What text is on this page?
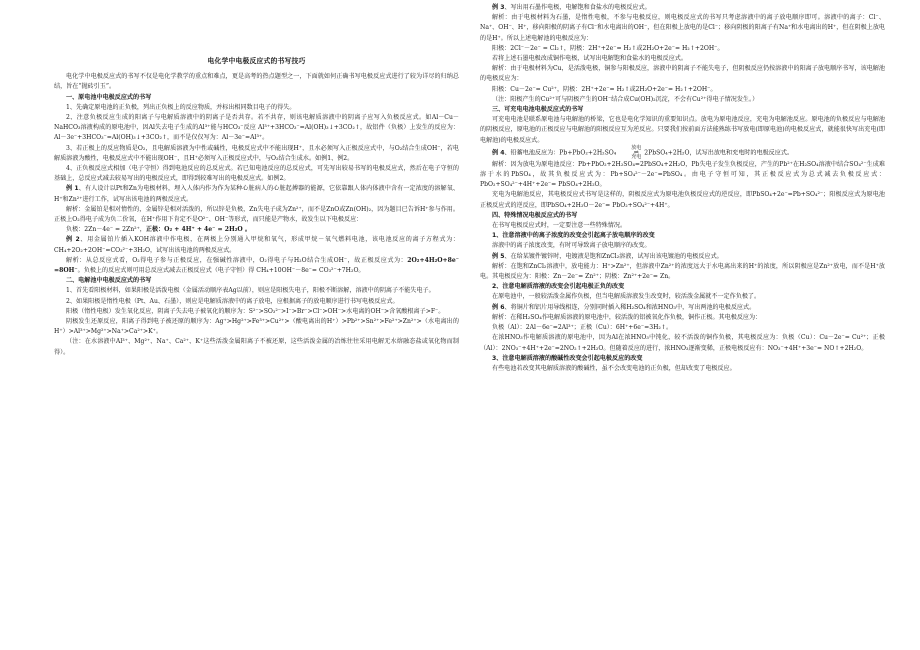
电化学中电极反应式的书写技巧
电化学中电极反应式的书写不仅是电化学教学的重点和难点，更是高考的热点题型之一，下面就如何正确书写电极反应式进行了较为详尽的归纳总结，旨在“抛砖引玉”。
一、原电池中电极反应式的书写
1、先确定原电池的正负极，列出正负极上的反应物质，并标出相同数目电子的得失。
2、注意负极反应生成的阳离子与电解质溶液中的阴离子是否共存。若不共存，则该电解质溶液中的阴离子应写入负极反应式。如Al－Cu－NaHCO₃溶液构成的原电池中，因Al失去电子生成的Al³⁺能与HCO₃⁻反应 Al³⁺+3HCO₃⁻=Al(OH)₃↓+3CO₂↑，故铝件（负极）上发生的反应为：Al－3e⁻+3HCO₃⁻=Al(OH)₃↓+3CO₂↑，而不是仅仅写为：Al－3e⁻=Al³⁺。
3、若正极上的反应物质是O₂，且电解质溶液为中性或碱性，电极反应式中不能出现H⁺，且水必须写入正极反应式中，与O₂结合生成OH⁻，若电解质溶液为酸性，电极反应式中不能出现OH⁻，且H⁺必须写入正极反应式中，与O₂结合生成水。如例1、例2。
4、正负极反应式相加（电子守恒）得到电池反应的总反应式。若已知电池反应的总反应式，可先写出较易书写的电极反应式，然后在电子守恒的基础上，总反应式减去较易写出的电极反应式，即得到较难写出的电极反应式。如例2。
例 1、有人设计以Pt和Zn为电极材料，埋入人体内作为作为某种心脏病人的心脏起搏器的能源，它依靠跟人体内体液中含有一定浓度的溶解氧、H⁺和Zn²⁺进行工作，试写出该电池的两极反应式。
解析：金属铂是相对惰性的，金属锌是相对活泼的，所以锌是负极，Zn失电子成为Zn²⁺，而不是ZnO或Zn(OH)₂，因为题目已告诉H⁺参与作用。正极上O₂得电子成为负二价氧，在H⁺作用下肯定不是O²⁻、OH⁻等形式，而只能是产物水，故发生以下电极反应：
负极：2Zn－4e⁻ = 2Zn²⁺，正极：O₂ + 4H⁺ + 4e⁻ = 2H₂O 。
例 2、用金属铂片插入KOH溶液中作电极，在两极上分别通入甲烷和氧气，形成甲烷－氧气燃料电池，该电池反应的离子方程式为：CH₄+2O₂+2OH⁻=CO₃²⁻+3H₂O，试写出该电池的两极反应式。
解析：从总反应式看，O₂得电子参与正极反应，在强碱性溶液中，O₂得电子与H₂O结合生成OH⁻，故正极反应式为：2O₂+4H₂O+8e⁻ =8OH⁻。负极上的反应式则可用总反应式减去正极反应式（电子守恒）得 CH₄+10OH⁻－8e⁻= CO₃²⁻+7H₂O。
二、电解池中电极反应式的书写
1、首先看阳极材料，如果阳极是活泼电极（金属活动顺序表Ag以前），则应是阳极失电子，阳极不断溶解，溶液中的阴离子不能失电子。
2、如果阳极是惰性电极（Pt、Au、石墨），则应是电解质溶液中的离子放电，应根据离子的放电顺序进行书写电极反应式。
阳极（惰性电极）发生氧化反应，阴离子失去电子被氧化的顺序为：S²⁻>SO₃²⁻>I⁻>Br⁻>Cl⁻>OH⁻>水电离的OH⁻>含氧酸根离子>F⁻。
阴极发生还原反应，阳离子得到电子被还原的顺序为：Ag⁺>Hg²⁺>Fe³⁺>Cu²⁺>（酸电离出的H⁺）>Pb²⁺>Sn²⁺>Fe²⁺>Zn²⁺>（水电离出的H⁺）>Al³⁺>Mg²⁺>Na⁺>Ca²⁺>K⁺。
（注：在水溶液中Al³⁺、Mg²⁺、Na⁺、Ca²⁺、K⁺这些活泼金属阳离子不被还原，这些活泼金属的冶炼往往采用电解无水熔融态盐或氧化物而制得）。
例 3、写出用石墨作电极，电解饱和食盐水的电极反应式。
解析：由于电极材料为石墨，是惰性电极，不参与电极反应，则电极反应式的书写只考虑溶液中的离子放电顺序即可。溶液中的离子：Cl⁻、Na⁺、OH⁻、H⁺，移向阳极的阴离子有Cl⁻和水电离出的OH⁻，但在阳极上放电的是Cl⁻；移向阴极的阳离子有Na⁺和水电离出的H⁺，但在阴极上放电的是H⁺。所以上述电解池的电极反应为：
阳极：2Cl⁻－2e⁻ = Cl₂↑，阴极：2H⁺+2e⁻= H₂↑或2H₂O+2e⁻= H₂↑+2OH⁻。
若将上述石墨电极改成铜作电极，试写出电解饱和食盐水的电极反应式。
解析：由于电极材料为Cu，是活泼电极，铜参与阳极反应，溶液中的阴离子不能失电子，但阴极反应仍按溶液中的阳离子放电顺序书写，该电解池的电极反应为：
阳极：Cu－2e⁻= Cu²⁺，阴极：2H⁺+2e⁻= H₂↑或2H₂O+2e⁻= H₂↑+2OH⁻。
（注：阳极产生的Cu²⁺可与阴极产生的OH⁻结合成Cu(OH)₂沉淀，不会有Cu²⁺得电子情况发生。）
三、可充电电池电极反应式的书写
可充电电池是联系原电池与电解池的桥梁，它也是电化学知识的重要知识点。放电为原电池反应，充电为电解池反应。原电池的负极反应与电解池的阴极反应，原电池的正极反应与电解池的阳极反应互为逆反应。只要我们按前面方法能熟练书写放电(即原电池)的电极反应式，就能很快写出充电(即电解池)的电极反应式。
例 4、铅蓄电池反应为：Pb+PbO₂+2H₂SO₄
放电
⇌
充电
2PbSO₄+2H₂O，试写出放电和充电时的电极反应式。
解析：因为放电为原电池反应：Pb+PbO₂+2H₂SO₄=2PbSO₄+2H₂O，Pb失电子发生负极反应，产生的Pb²⁺在H₂SO₄溶液中结合SO₄²⁻生成难溶于水的PbSO₄，故其负极反应式为：Pb+SO₄²⁻－2e⁻=PbSO₄。由电子守恒可知，其正极反应式为总式减去负极反应式：PbO₂+SO₄²⁻+4H⁺+2e⁻= PbSO₄+2H₂O。
充电为电解池反应，其电极反应式书写是这样的，阴极反应式为原电池负极反应式的逆反应，即PbSO₄+2e⁻=Pb+SO₄²⁻；阳极反应式为原电池正极反应式的逆反应，即PbSO₄+2H₂O－2e⁻= PbO₂+SO₄²⁻+4H⁺。
四、特殊情况电极反应式的书写
在书写电极反应式时，一定要注意一些特殊情况。
1、注意溶液中的离子浓度的改变会引起离子放电顺序的改变
溶液中的离子浓度改变，有时可导致离子放电顺序的改变。
例 5、在给某镀件镀锌时，电镀液是饱和ZnCl₂溶液，试写出该电镀池的电极反应式。
解析：在饱和ZnCl₂溶液中，放电能力：H⁺>Zn²⁺，但溶液中Zn²⁺的浓度远大于水电离出来的H⁺的浓度，所以阴极应是Zn²⁺放电，而不是H⁺放电。其电极反应为：阳极：Zn－2e⁻= Zn²⁺；阴极：Zn²⁺+2e⁻= Zn。
2、注意电解质溶液的改变会引起电极正负的改变
在原电池中，一般较活泼金属作负极，但当电解质溶液发生改变时，较活泼金属就不一定作负极了。
例 6、将铜片和铝片用导线相连，分别同时插入稀H₂SO₄和浓HNO₃中，写出两池的电极反应式。
解析：在稀H₂SO₄作电解质溶液的原电池中，较活泼的铝被氧化作负极，铜作正极。其电极反应为：
负极（Al）：2Al－6e⁻=2Al³⁺；正极（Cu）：6H⁺+6e⁻=3H₂↑。
在浓HNO₃作电解质溶液的原电池中，因为Al在浓HNO₃中钝化，较不活泼的铜作负极，其电极反应为：负极（Cu）：Cu－2e⁻= Cu²⁺；正极（Al）：2NO₃⁻+4H⁺+2e⁻=2NO₂↑+2H₂O。但随着反应的进行，浓HNO₃逐渐变稀，正极电极反应有：NO₃⁻+4H⁺+3e⁻= NO↑+2H₂O。
3、注意电解质溶液的酸碱性改变会引起电极反应的改变
有些电池若改变其电解质溶液的酸碱性，虽不会改变电池的正负极，但却改变了电极反应。
